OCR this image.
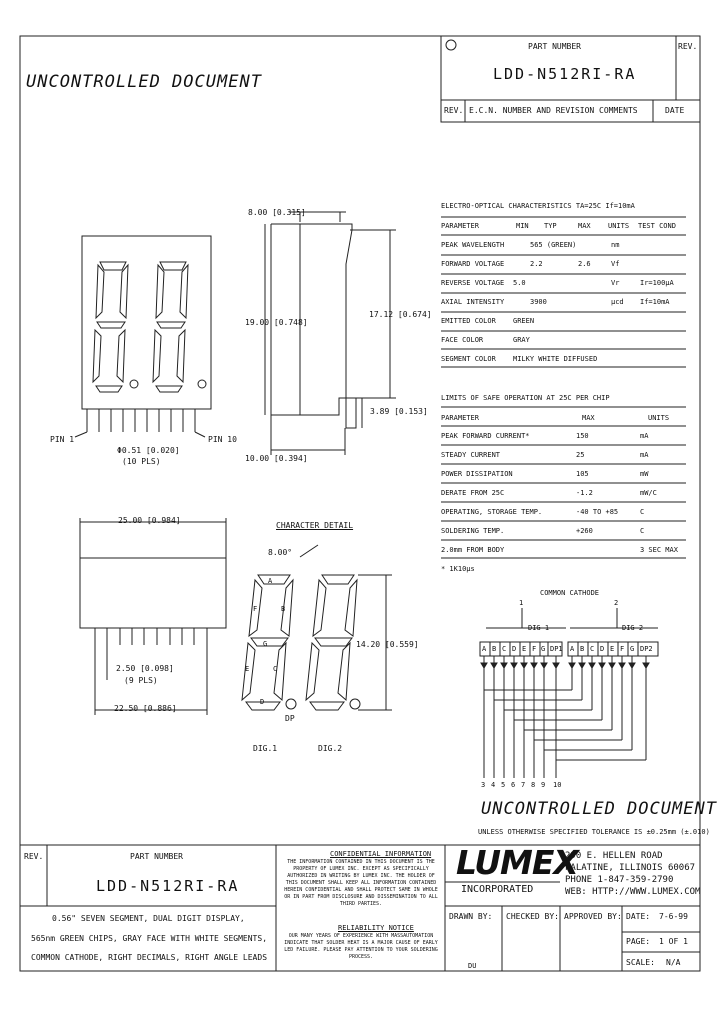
PART NUMBER	REV.
LDD-N512RI-RA
REV. E.C.N. NUMBER AND REVISION COMMENTS	DATE
UNCONTROLLED DOCUMENT
8.00 [0.315]
19.00 [0.748]
17.12 [0.674]
3.89 [0.153]
10.00 [0.394]
PIN 1	PIN 10
Φ0.51 [0.020]
(10 PLS)
25.00 [0.984]
2.50 [0.098]
(9 PLS)
22.50 [0.886]
CHARACTER DETAIL
8.00°
14.20 [0.559]
A
B
C
D
E
F
G
DP
DIG.1	DIG.2
ELECTRO-OPTICAL CHARACTERISTICS TA=25C If=10mA
PARAMETER	MIN TYP	MAX UNITS TEST COND
PEAK WAVELENGTH	565 (GREEN)	nm
FORWARD VOLTAGE	2.2	2.6	Vf
REVERSE VOLTAGE 5.0	Vr	Ir=100μA
AXIAL INTENSITY	3900	μcd If=10mA
EMITTED COLOR GREEN
FACE COLOR	GRAY
SEGMENT COLOR MILKY WHITE DIFFUSED
LIMITS OF SAFE OPERATION AT 25C PER CHIP
PARAMETER	MAX	UNITS
PEAK FORWARD CURRENT*	150	mA
STEADY CURRENT	25	mA
POWER DISSIPATION	105	mW
DERATE FROM 25C	-1.2	mW/C
OPERATING, STORAGE TEMP.	-40 TO +85	C
SOLDERING TEMP.	+260	C
2.0mm FROM BODY	3 SEC MAX
* 1K10μs
COMMON CATHODE
1	2
DIG 1	DIG 2
A B C D E F G DP1 A B C D E F G DP2
3 4 5 6 7 8 9 10
UNCONTROLLED DOCUMENT
UNLESS OTHERWISE SPECIFIED TOLERANCE IS ±0.25mm (±.010)
REV.	PART NUMBER
LDD-N512RI-RA
0.56" SEVEN SEGMENT, DUAL DIGIT DISPLAY,
565nm GREEN CHIPS, GRAY FACE WITH WHITE SEGMENTS,
COMMON CATHODE, RIGHT DECIMALS, RIGHT ANGLE LEADS
CONFIDENTIAL INFORMATION
THE INFORMATION CONTAINED IN THIS DOCUMENT IS THE PROPERTY OF LUMEX INC. EXCEPT AS SPECIFICALLY AUTHORIZED IN WRITING BY LUMEX INC. THE HOLDER OF THIS DOCUMENT SHALL KEEP ALL INFORMATION CONTAINED HEREIN CONFIDENTIAL AND SHALL PROTECT SAME IN WHOLE OR IN PART FROM DISCLOSURE AND DISSEMINATION TO ALL THIRD PARTIES.
RELIABILITY NOTICE
OUR MANY YEARS OF EXPERIENCE WITH MASSAUTOMATION INDICATE THAT SOLDER HEAT IS A MAJOR CAUSE OF EARLY LED FAILURE. PLEASE PAY ATTENTION TO YOUR SOLDERING PROCESS.
LUMEX
INCORPORATED
290 E. HELLEN ROAD
PALATINE, ILLINOIS 60067
PHONE 1-847-359-2790
WEB: HTTP://WWW.LUMEX.COM
DRAWN BY:
DU
CHECKED BY: APPROVED BY: DATE: 7-6-99
PAGE: 1 OF 1
SCALE: N/A
